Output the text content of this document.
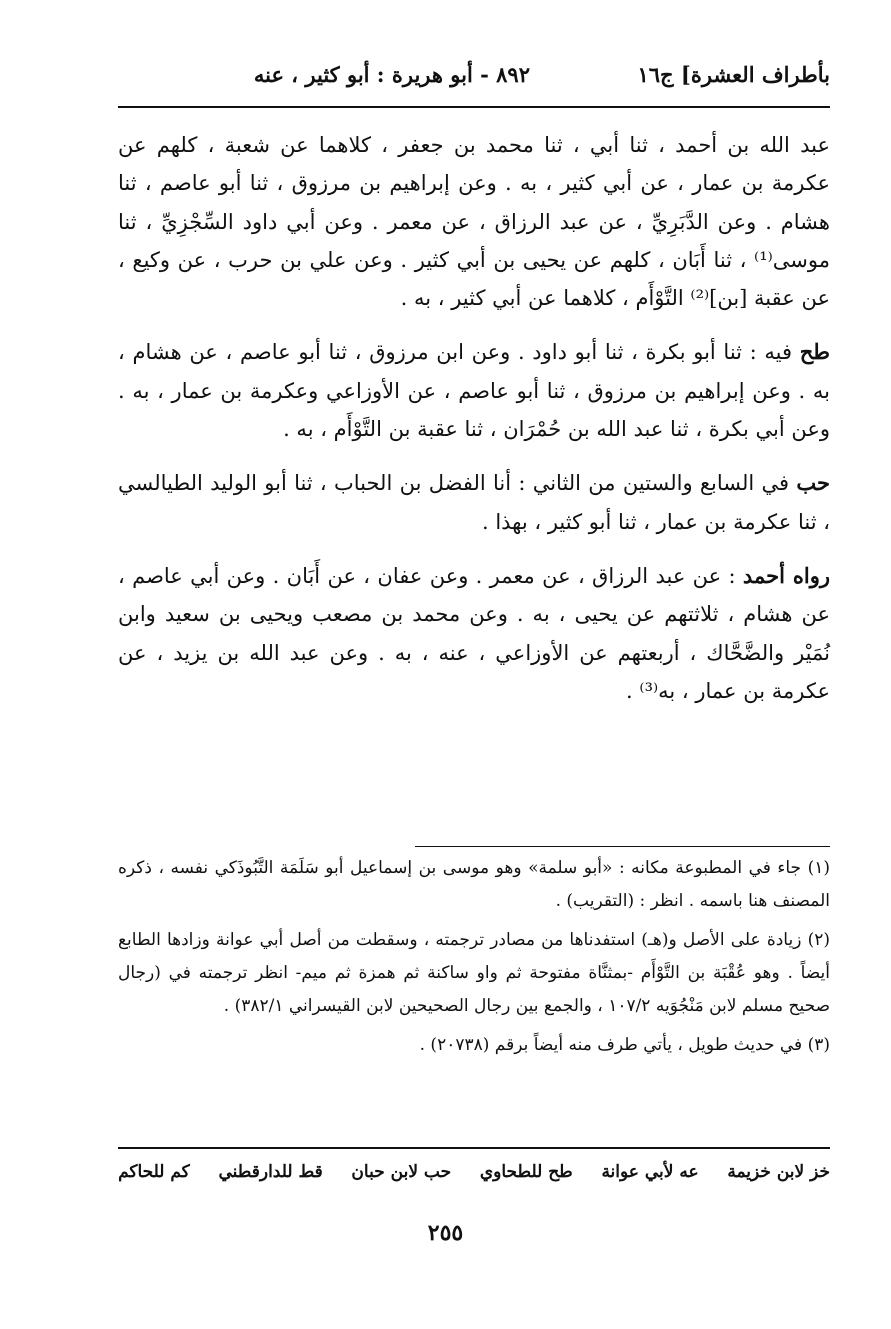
بأطراف العشرة] ج١٦
٨٩٢ - أبو هريرة : أبو كثير ، عنه

عبد الله بن أحمد ، ثنا أبي ، ثنا محمد بن جعفر ، كلاهما عن شعبة ، كلهم عن عكرمة بن عمار ، عن أبي كثير ، به . وعن إبراهيم بن مرزوق ، ثنا أبو عاصم ، ثنا هشام . وعن الدَّبَرِيِّ ، عن عبد الرزاق ، عن معمر . وعن أبي داود السِّجْزِيِّ ، ثنا موسى⁽¹⁾ ، ثنا أَبَان ، كلهم عن يحيى بن أبي كثير . وعن علي بن حرب ، عن وكيع ، عن عقبة [بن]⁽²⁾ التَّوْأَم ، كلاهما عن أبي كثير ، به .

طح فيه : ثنا أبو بكرة ، ثنا أبو داود . وعن ابن مرزوق ، ثنا أبو عاصم ، عن هشام ، به . وعن إبراهيم بن مرزوق ، ثنا أبو عاصم ، عن الأوزاعي وعكرمة بن عمار ، به . وعن أبي بكرة ، ثنا عبد الله بن حُمْرَان ، ثنا عقبة بن التَّوْأَم ، به .

حب في السابع والستين من الثاني : أنا الفضل بن الحباب ، ثنا أبو الوليد الطيالسي ، ثنا عكرمة بن عمار ، ثنا أبو كثير ، بهذا .

رواه أحمد : عن عبد الرزاق ، عن معمر . وعن عفان ، عن أَبَان . وعن أبي عاصم ، عن هشام ، ثلاثتهم عن يحيى ، به . وعن محمد بن مصعب ويحيى بن سعيد وابن نُمَيْر والضَّحَّاك ، أربعتهم عن الأوزاعي ، عنه ، به . وعن عبد الله بن يزيد ، عن عكرمة بن عمار ، به⁽³⁾ .

(١) جاء في المطبوعة مكانه : «أبو سلمة» وهو موسى بن إسماعيل أبو سَلَمَة التَّبُوذَكي نفسه ، ذكره المصنف هنا باسمه . انظر : (التقريب) .

(٢) زيادة على الأصل و(هـ) استفدناها من مصادر ترجمته ، وسقطت من أصل أبي عوانة وزادها الطابع أيضاً . وهو عُقْبَة بن التَّوْأَم -بمثنَّاة مفتوحة ثم واو ساكنة ثم همزة ثم ميم- انظر ترجمته في (رجال صحيح مسلم لابن مَنْجُوَيه ١٠٧/٢ ، والجمع بين رجال الصحيحين لابن القيسراني ٣٨٢/١) .

(٣) في حديث طويل ، يأتي طرف منه أيضاً برقم (٢٠٧٣٨) .

خز لابن خزيمة
عه لأبي عوانة
طح للطحاوي
حب لابن حبان
قط للدارقطني
كم للحاكم
٢٥٥
